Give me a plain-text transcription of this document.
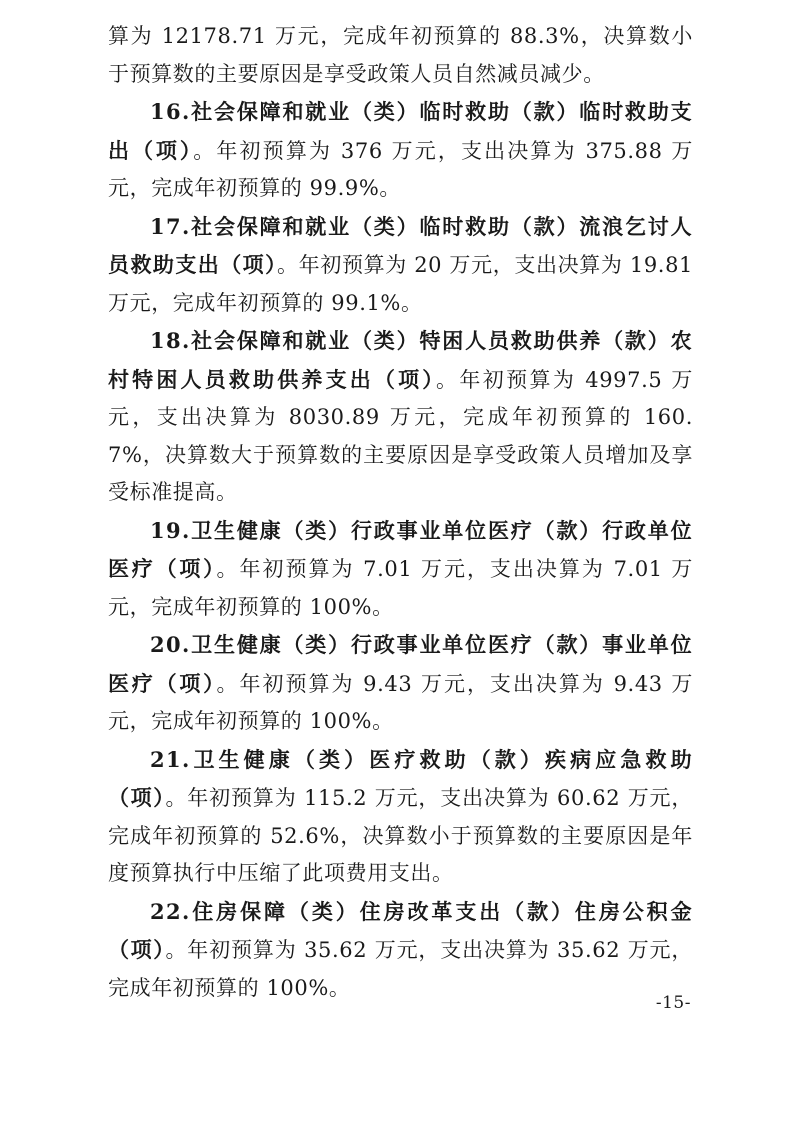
算为 12178.71 万元，完成年初预算的 88.3%，决算数小于预算数的主要原因是享受政策人员自然减员减少。

16.社会保障和就业（类）临时救助（款）临时救助支出（项）。年初预算为 376 万元，支出决算为 375.88 万元，完成年初预算的 99.9%。

17.社会保障和就业（类）临时救助（款）流浪乞讨人员救助支出（项）。年初预算为 20 万元，支出决算为 19.81 万元，完成年初预算的 99.1%。

18.社会保障和就业（类）特困人员救助供养（款）农村特困人员救助供养支出（项）。年初预算为 4997.5 万元，支出决算为 8030.89 万元，完成年初预算的 160.7%，决算数大于预算数的主要原因是享受政策人员增加及享受标准提高。

19.卫生健康（类）行政事业单位医疗（款）行政单位医疗（项）。年初预算为 7.01 万元，支出决算为 7.01 万元，完成年初预算的 100%。

20.卫生健康（类）行政事业单位医疗（款）事业单位医疗（项）。年初预算为 9.43 万元，支出决算为 9.43 万元，完成年初预算的 100%。

21.卫生健康（类）医疗救助（款）疾病应急救助（项）。年初预算为 115.2 万元，支出决算为 60.62 万元，完成年初预算的 52.6%，决算数小于预算数的主要原因是年度预算执行中压缩了此项费用支出。

22.住房保障（类）住房改革支出（款）住房公积金（项）。年初预算为 35.62 万元，支出决算为 35.62 万元，完成年初预算的 100%。

-15-
